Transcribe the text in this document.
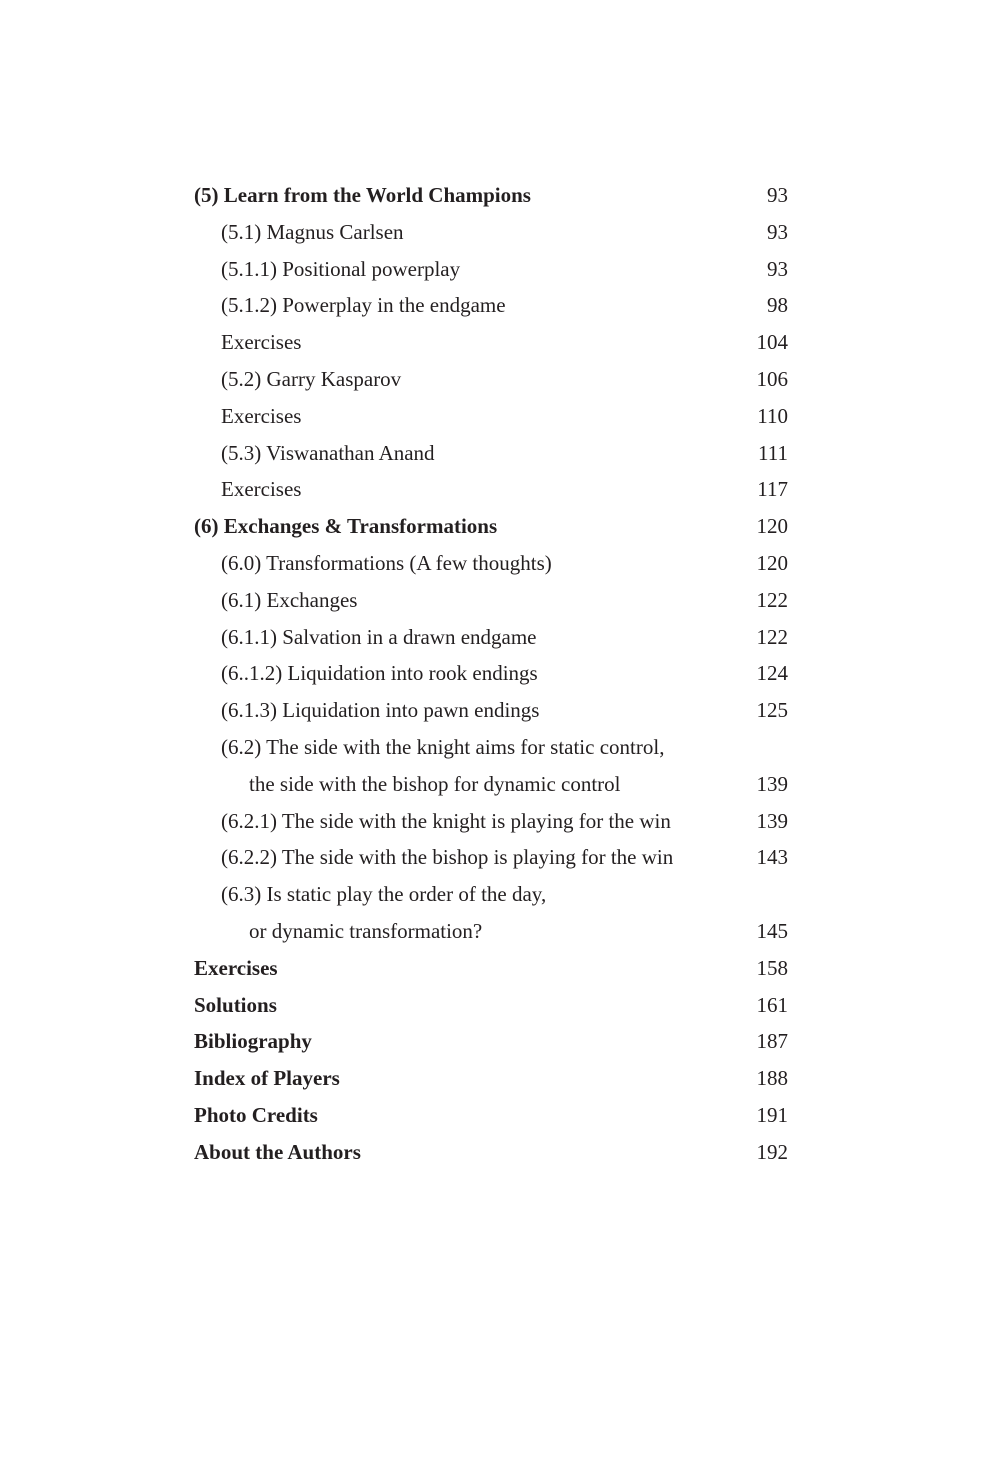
(5) Learn from the World Champions	93
(5.1) Magnus Carlsen	93
(5.1.1) Positional powerplay	93
(5.1.2) Powerplay in the endgame	98
Exercises	104
(5.2) Garry Kasparov	106
Exercises	110
(5.3) Viswanathan Anand	111
Exercises	117
(6) Exchanges & Transformations	120
(6.0) Transformations (A few thoughts)	120
(6.1) Exchanges	122
(6.1.1) Salvation in a drawn endgame	122
(6..1.2) Liquidation into rook endings	124
(6.1.3) Liquidation into pawn endings	125
(6.2) The side with the knight aims for static control,
the side with the bishop for dynamic control	139
(6.2.1) The side with the knight is playing for the win	139
(6.2.2) The side with the bishop is playing for the win	143
(6.3) Is static play the order of the day,
or dynamic transformation?	145
Exercises	158
Solutions	161
Bibliography	187
Index of Players	188
Photo Credits	191
About the Authors	192
